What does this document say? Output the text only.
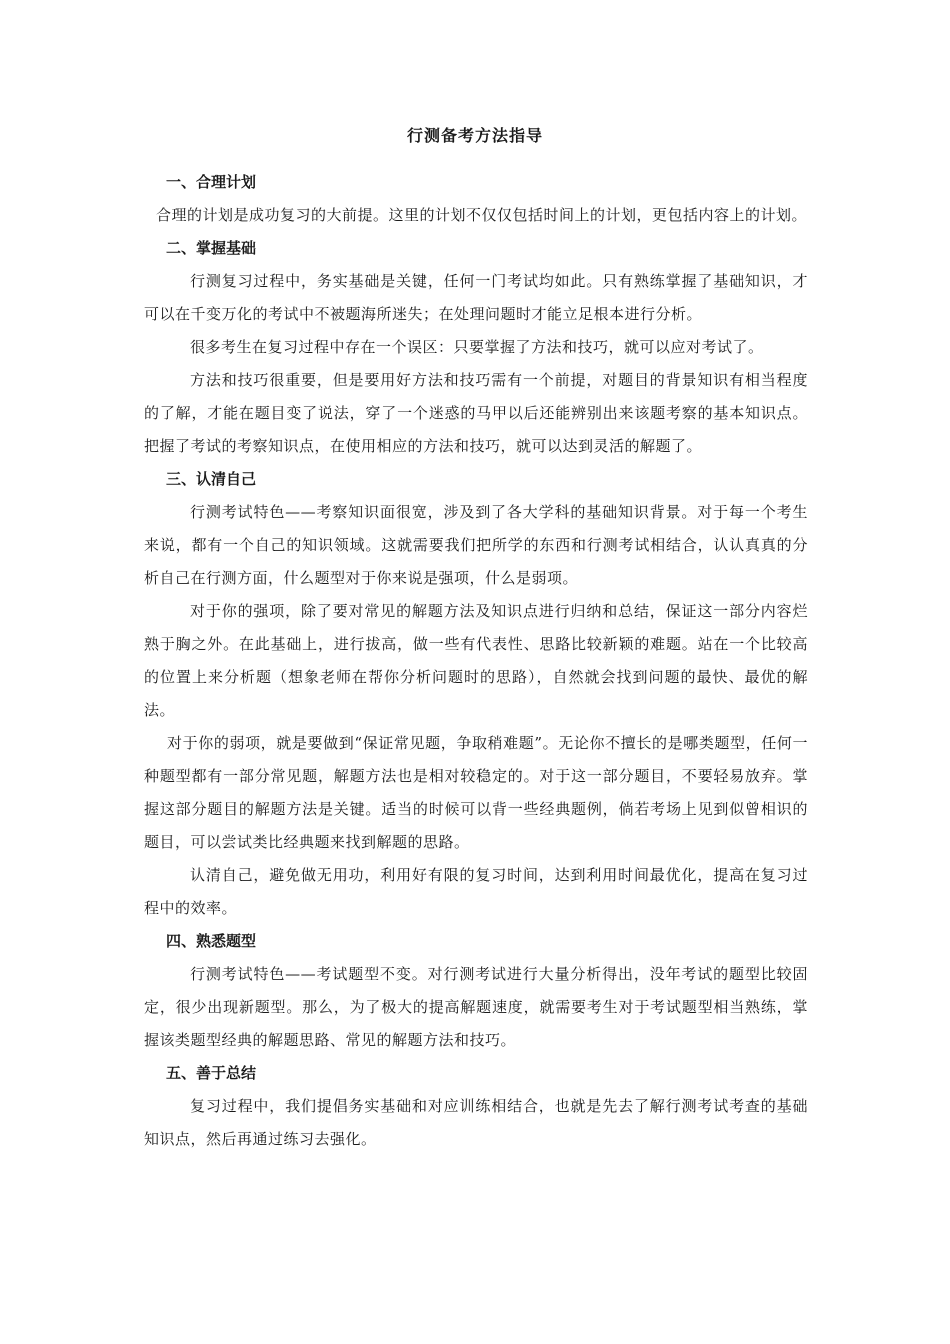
行测备考方法指导
一、合理计划

合理的计划是成功复习的大前提。这里的计划不仅仅包括时间上的计划，更包括内容上的计划。

二、掌握基础

行测复习过程中，务实基础是关键，任何一门考试均如此。只有熟练掌握了基础知识，才可以在千变万化的考试中不被题海所迷失；在处理问题时才能立足根本进行分析。

很多考生在复习过程中存在一个误区：只要掌握了方法和技巧，就可以应对考试了。

方法和技巧很重要，但是要用好方法和技巧需有一个前提，对题目的背景知识有相当程度的了解，才能在题目变了说法，穿了一个迷惑的马甲以后还能辨别出来该题考察的基本知识点。把握了考试的考察知识点，在使用相应的方法和技巧，就可以达到灵活的解题了。

三、认清自己

行测考试特色——考察知识面很宽，涉及到了各大学科的基础知识背景。对于每一个考生来说，都有一个自己的知识领域。这就需要我们把所学的东西和行测考试相结合，认认真真的分析自己在行测方面，什么题型对于你来说是强项，什么是弱项。

对于你的强项，除了要对常见的解题方法及知识点进行归纳和总结，保证这一部分内容烂熟于胸之外。在此基础上，进行拔高，做一些有代表性、思路比较新颖的难题。站在一个比较高的位置上来分析题（想象老师在帮你分析问题时的思路），自然就会找到问题的最快、最优的解法。

对于你的弱项，就是要做到“保证常见题，争取稍难题”。无论你不擅长的是哪类题型，任何一种题型都有一部分常见题，解题方法也是相对较稳定的。对于这一部分题目，不要轻易放弃。掌握这部分题目的解题方法是关键。适当的时候可以背一些经典题例，倘若考场上见到似曾相识的题目，可以尝试类比经典题来找到解题的思路。

认清自己，避免做无用功，利用好有限的复习时间，达到利用时间最优化，提高在复习过程中的效率。

四、熟悉题型

行测考试特色——考试题型不变。对行测考试进行大量分析得出，没年考试的题型比较固定，很少出现新题型。那么，为了极大的提高解题速度，就需要考生对于考试题型相当熟练，掌握该类题型经典的解题思路、常见的解题方法和技巧。

五、善于总结

复习过程中，我们提倡务实基础和对应训练相结合，也就是先去了解行测考试考查的基础知识点，然后再通过练习去强化。
